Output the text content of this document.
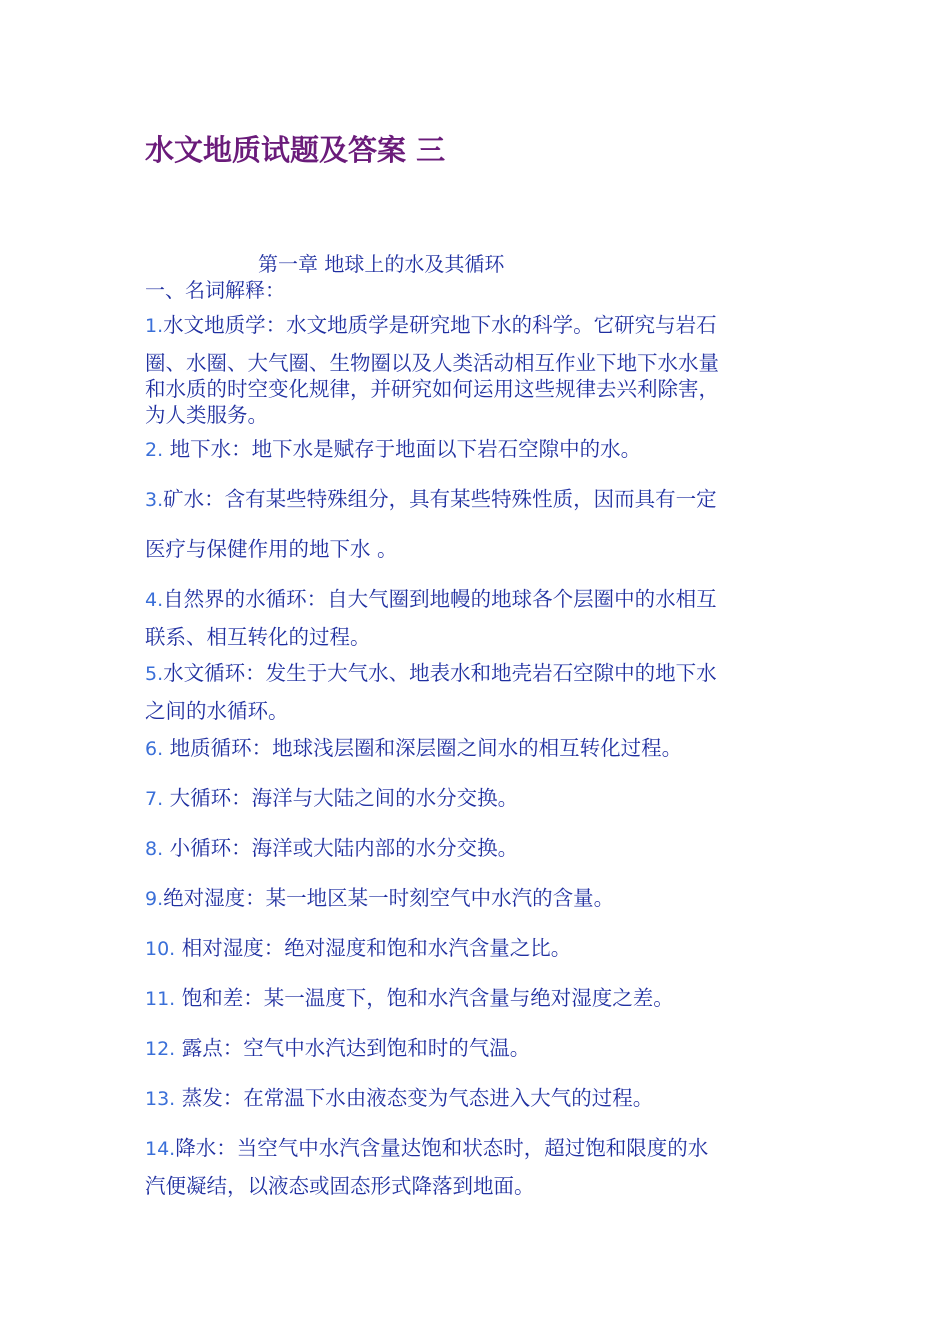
水文地质试题及答案 三
第一章 地球上的水及其循环
一、名词解释：
1.水文地质学：水文地质学是研究地下水的科学。它研究与岩石
圈、水圈、大气圈、生物圈以及人类活动相互作业下地下水水量
和水质的时空变化规律，并研究如何运用这些规律去兴利除害，
为人类服务。
2. 地下水：地下水是赋存于地面以下岩石空隙中的水。
3.矿水：含有某些特殊组分，具有某些特殊性质，因而具有一定
医疗与保健作用的地下水 。
4.自然界的水循环：自大气圈到地幔的地球各个层圈中的水相互
联系、相互转化的过程。
5.水文循环：发生于大气水、地表水和地壳岩石空隙中的地下水
之间的水循环。
6. 地质循环：地球浅层圈和深层圈之间水的相互转化过程。
7. 大循环：海洋与大陆之间的水分交换。
8. 小循环：海洋或大陆内部的水分交换。
9.绝对湿度：某一地区某一时刻空气中水汽的含量。
10. 相对湿度：绝对湿度和饱和水汽含量之比。
11. 饱和差：某一温度下，饱和水汽含量与绝对湿度之差。
12. 露点：空气中水汽达到饱和时的气温。
13. 蒸发：在常温下水由液态变为气态进入大气的过程。
14.降水：当空气中水汽含量达饱和状态时，超过饱和限度的水
汽便凝结，以液态或固态形式降落到地面。
